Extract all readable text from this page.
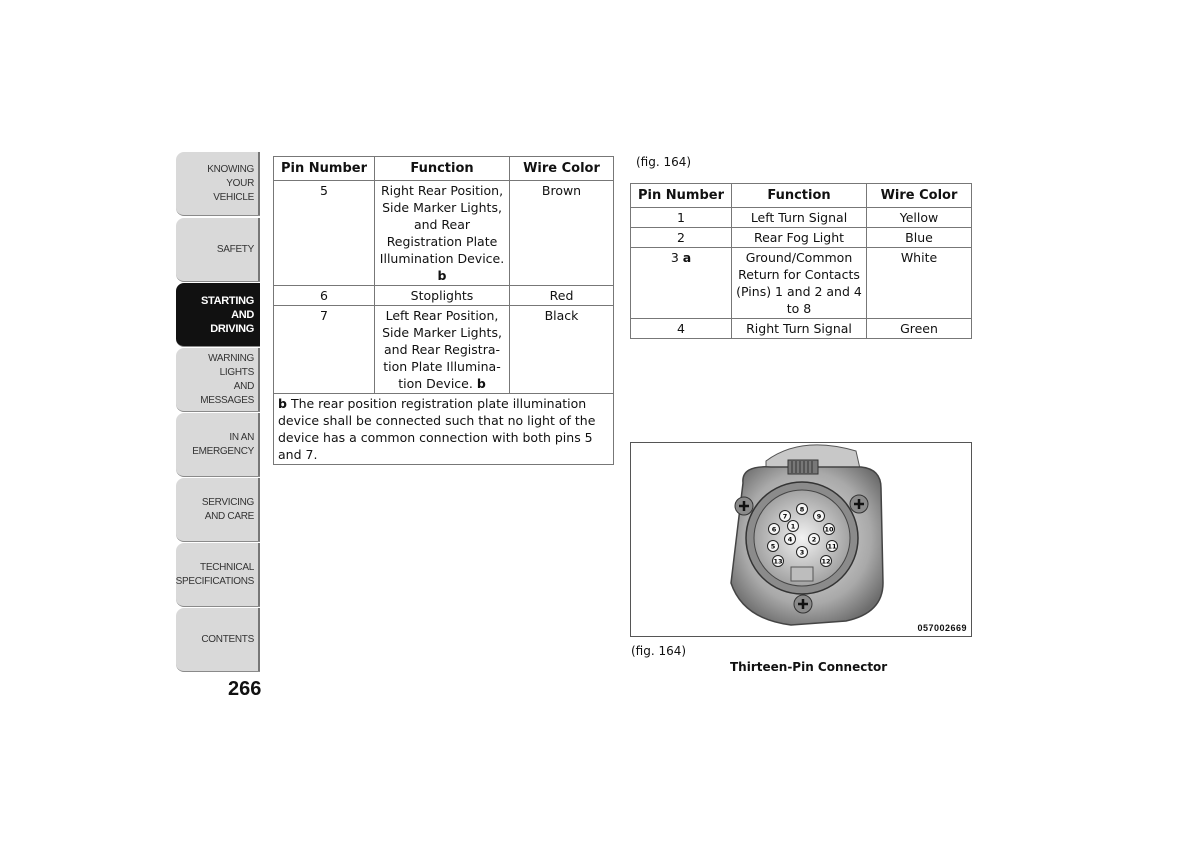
KNOWING
YOUR
VEHICLE
SAFETY
STARTING
AND
DRIVING
WARNING
LIGHTS
AND
MESSAGES
IN AN
EMERGENCY
SERVICING
AND CARE
TECHNICAL
SPECIFICATIONS
CONTENTS
266
Pin Number	Function	Wire Color
5	Right Rear Position, Side Marker Lights, and Rear Registration Plate Illumination Device. b	Brown
6	Stoplights	Red
7	Left Rear Position, Side Marker Lights, and Rear Registra-tion Plate Illumina-tion Device. b	Black
b The rear position registration plate illumination device shall be connected such that no light of the device has a common connection with both pins 5 and 7.		
(fig. 164)
Pin Number	Function	Wire Color
1	Left Turn Signal	Yellow
2	Rear Fog Light	Blue
3 a	Ground/Common Return for Contacts (Pins) 1 and 2 and 4 to 8	White
4	Right Turn Signal	Green
7
8
9
6 1	10
5
4	2
11
3
13	12
057002669
(fig. 164)
Thirteen-Pin Connector
